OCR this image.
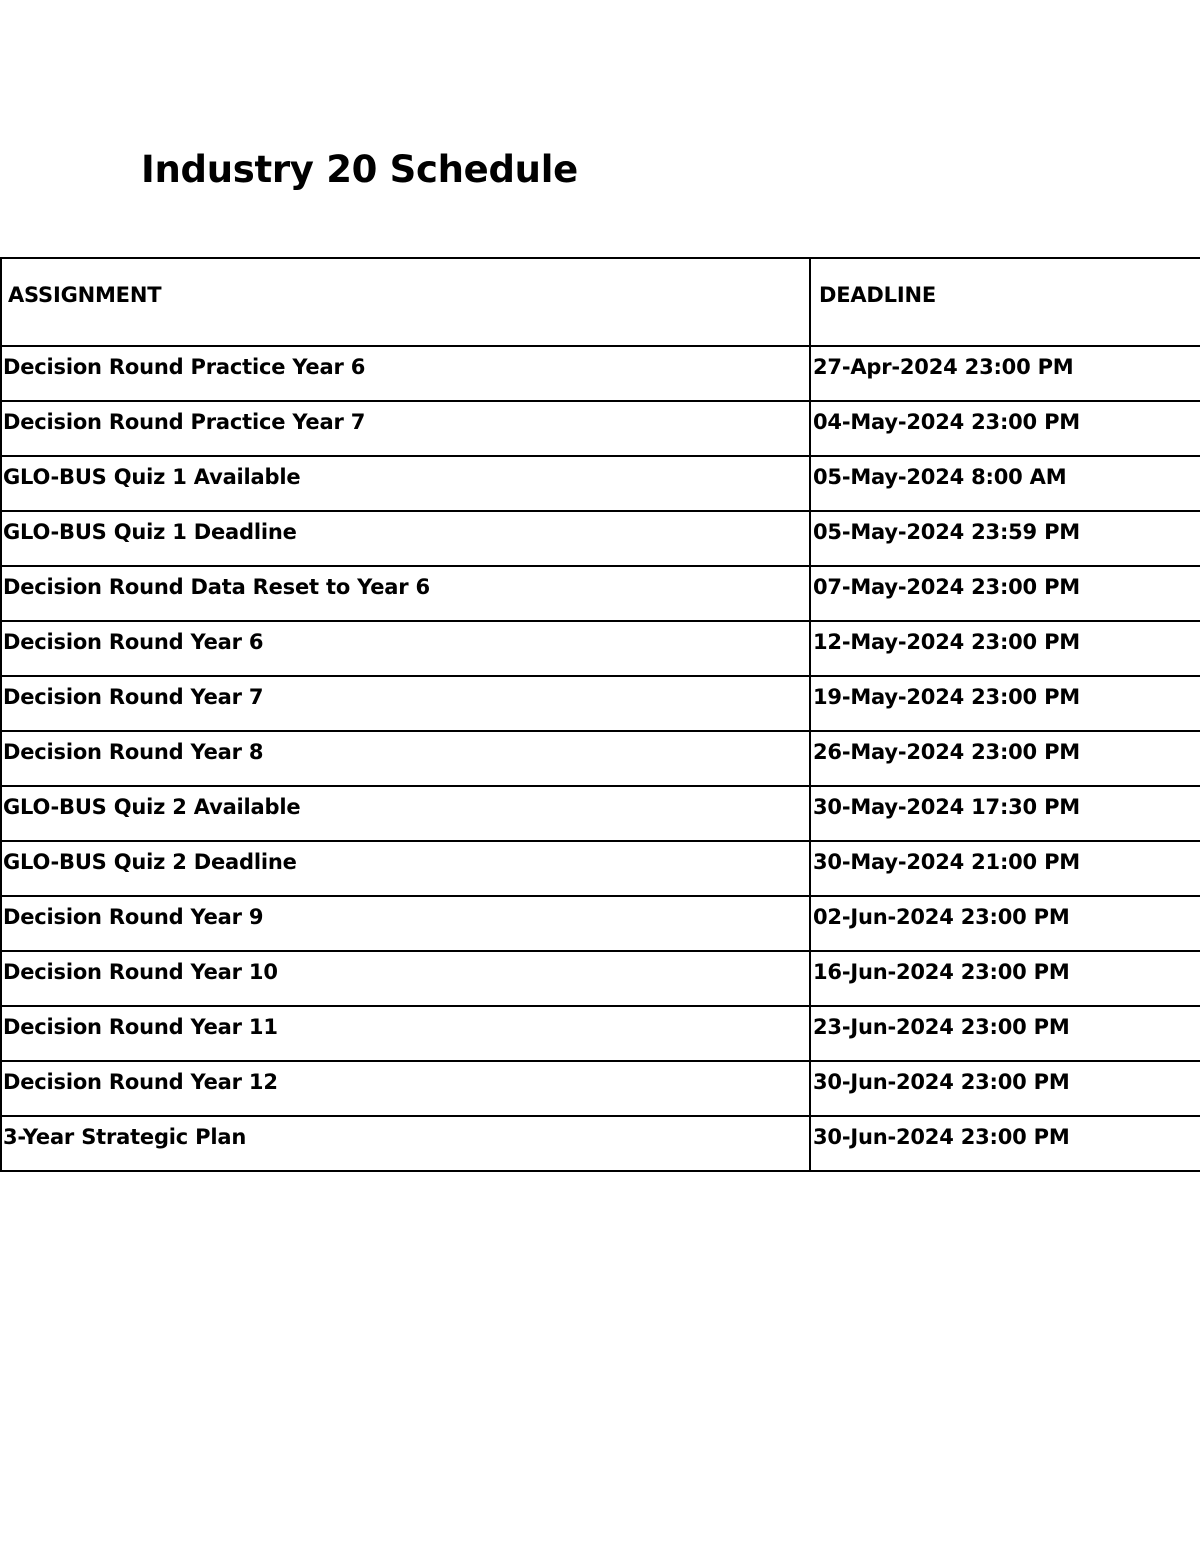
Industry 20 Schedule
ASSIGNMENT	DEADLINE
Decision Round Practice Year 6	27-Apr-2024 23:00 PM
Decision Round Practice Year 7	04-May-2024 23:00 PM
GLO-BUS Quiz 1 Available	05-May-2024 8:00 AM
GLO-BUS Quiz 1 Deadline	05-May-2024 23:59 PM
Decision Round Data Reset to Year 6	07-May-2024 23:00 PM
Decision Round Year 6	12-May-2024 23:00 PM
Decision Round Year 7	19-May-2024 23:00 PM
Decision Round Year 8	26-May-2024 23:00 PM
GLO-BUS Quiz 2 Available	30-May-2024 17:30 PM
GLO-BUS Quiz 2 Deadline	30-May-2024 21:00 PM
Decision Round Year 9	02-Jun-2024 23:00 PM
Decision Round Year 10	16-Jun-2024 23:00 PM
Decision Round Year 11	23-Jun-2024 23:00 PM
Decision Round Year 12	30-Jun-2024 23:00 PM
3-Year Strategic Plan	30-Jun-2024 23:00 PM
